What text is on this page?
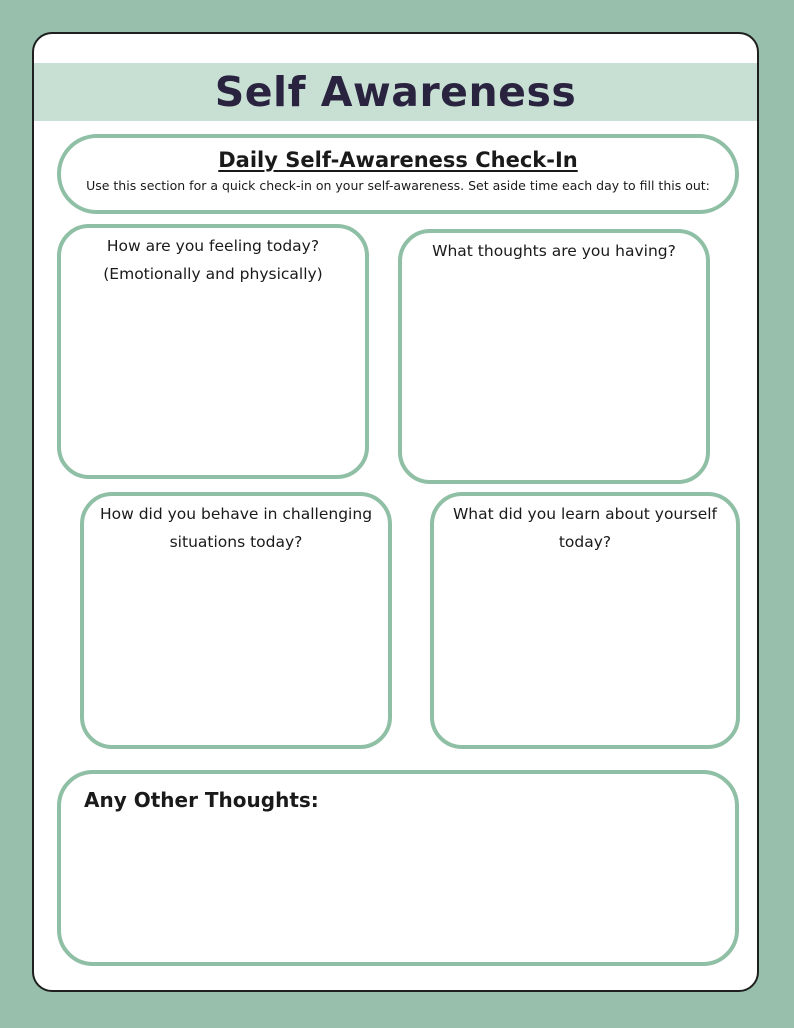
Self Awareness
Daily Self-Awareness Check-In
Use this section for a quick check-in on your self-awareness. Set aside time each day to fill this out:
How are you feeling today?
(Emotionally and physically)
What thoughts are you having?
How did you behave in challenging
situations today?
What did you learn about yourself
today?
Any Other Thoughts:
